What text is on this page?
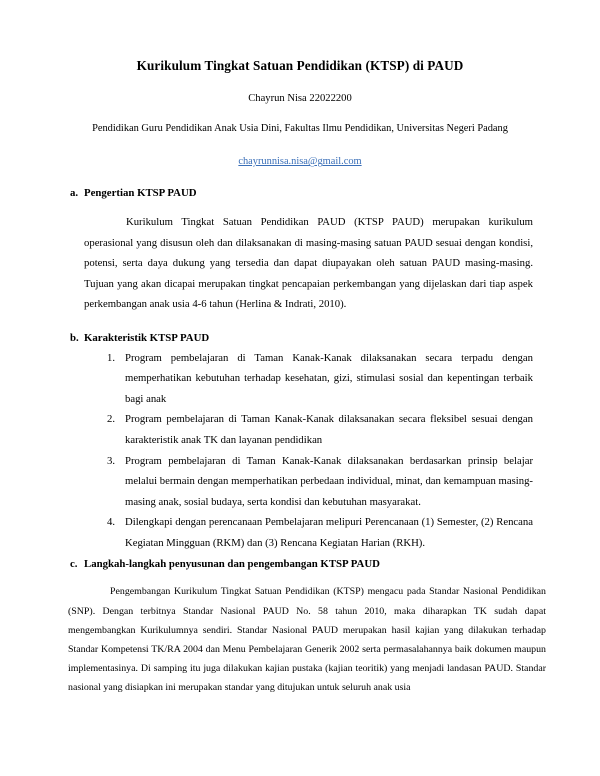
Kurikulum Tingkat Satuan Pendidikan (KTSP) di PAUD
Chayrun Nisa 22022200
Pendidikan Guru Pendidikan Anak Usia Dini, Fakultas Ilmu Pendidikan, Universitas Negeri Padang
chayrunnisa.nisa@gmail.com
a. Pengertian KTSP PAUD

Kurikulum Tingkat Satuan Pendidikan PAUD (KTSP PAUD) merupakan kurikulum operasional yang disusun oleh dan dilaksanakan di masing-masing satuan PAUD sesuai dengan kondisi, potensi, serta daya dukung yang tersedia dan dapat diupayakan oleh satuan PAUD masing-masing. Tujuan yang akan dicapai merupakan tingkat pencapaian perkembangan yang dijelaskan dari tiap aspek perkembangan anak usia 4-6 tahun (Herlina & Indrati, 2010).

b. Karakteristik KTSP PAUD
1. Program pembelajaran di Taman Kanak-Kanak dilaksanakan secara terpadu dengan memperhatikan kebutuhan terhadap kesehatan, gizi, stimulasi sosial dan kepentingan terbaik bagi anak
2. Program pembelajaran di Taman Kanak-Kanak dilaksanakan secara fleksibel sesuai dengan karakteristik anak TK dan layanan pendidikan
3. Program pembelajaran di Taman Kanak-Kanak dilaksanakan berdasarkan prinsip belajar melalui bermain dengan memperhatikan perbedaan individual, minat, dan kemampuan masing-masing anak, sosial budaya, serta kondisi dan kebutuhan masyarakat.
4. Dilengkapi dengan perencanaan Pembelajaran melipuri Perencanaan (1) Semester, (2) Rencana Kegiatan Mingguan (RKM) dan (3) Rencana Kegiatan Harian (RKH).
c. Langkah-langkah penyusunan dan pengembangan KTSP PAUD

Pengembangan Kurikulum Tingkat Satuan Pendidikan (KTSP) mengacu pada Standar Nasional Pendidikan (SNP). Dengan terbitnya Standar Nasional PAUD No. 58 tahun 2010, maka diharapkan TK sudah dapat mengembangkan Kurikulumnya sendiri. Standar Nasional PAUD merupakan hasil kajian yang dilakukan terhadap Standar Kompetensi TK/RA 2004 dan Menu Pembelajaran Generik 2002 serta permasalahannya baik dokumen maupun implementasinya. Di samping itu juga dilakukan kajian pustaka (kajian teoritik) yang menjadi landasan PAUD. Standar nasional yang disiapkan ini merupakan standar yang ditujukan untuk seluruh anak usia
